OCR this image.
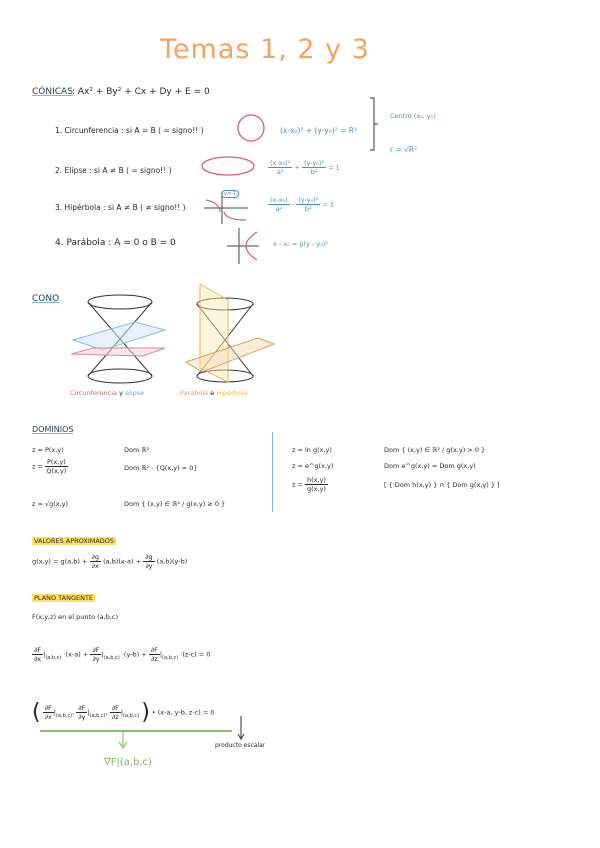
Temas 1, 2 y 3
CÓNICAS : Ax² + By² + Cx + Dy + E = 0
1. Circunferencia : si A = B ( = signo!! )	(x-x₀)² + (y-y₀)² = R²
2. Elipse : si A ≠ B ( = signo!! )	$\frac{\text{(x-x₀)²}}{\text{a²}} + \frac{\text{(y-y₀)²}}{\text{b²}} = 1$
3. Hipérbola : si A ≠ B ( ≠ signo!! )
y=-1
$\frac{\text{(x-x₀)}}{\text{a²}} - \frac{\text{(y-y₀)²}}{\text{b²}} = 1$
4. Parábola : A = 0 o B = 0	x - x₀ = p(y - y₀)²
Centro (x₀, y₀)
r = √R²
CONO
Circunferencia y elipse	Parábola e Hipérbola
DOMINIOS
z = P(x,y)	Dom ℝ²
$z = \frac{P(x,y)}{Q(x,y)}$	Dom ℝ² - {Q(x,y) = 0}
z = √g(x,y)	Dom { (x,y) ∈ ℝ² / g(x,y) ≥ 0 }
z = ln g(x,y)	Dom { (x,y) ∈ ℝ² / g(x,y) > 0 }
z = e^g(x,y)	Dom e^g(x,y) = Dom g(x,y)
$z = \frac{h(x,y)}{g(x,y)}$	[ { Dom h(x,y) } ∩ { Dom g(x,y) } ]
VALORES APROXIMADOS
$g(x,y) = g(a,b) + \frac{\partial g}{\partial x} (a,b)(x-a) + \frac{\partial g}{\partial y} (a,b)(y-b)$
PLANO TANGENTE
F(x,y,z) en el punto (a,b,c)
$\frac{\partial F}{\partial x} |_{(a,b,c)} \cdot(x-a) + \frac{\partial F}{\partial y} |_{(a,b,c)} \cdot(y-b) + \frac{\partial F}{\partial z} |_{(a,b,c)} \cdot(z-c) = 0$
( $\frac{\partial F}{\partial x} |_{(a,b,c)}$, $\frac{\partial F}{\partial y} |_{(a,b,c)}$, $\frac{\partial F}{\partial z} |_{(a,b,c)}$ ) • (x-a, y-b, z-c) = 0
producto escalar
∇F|(a,b,c)
